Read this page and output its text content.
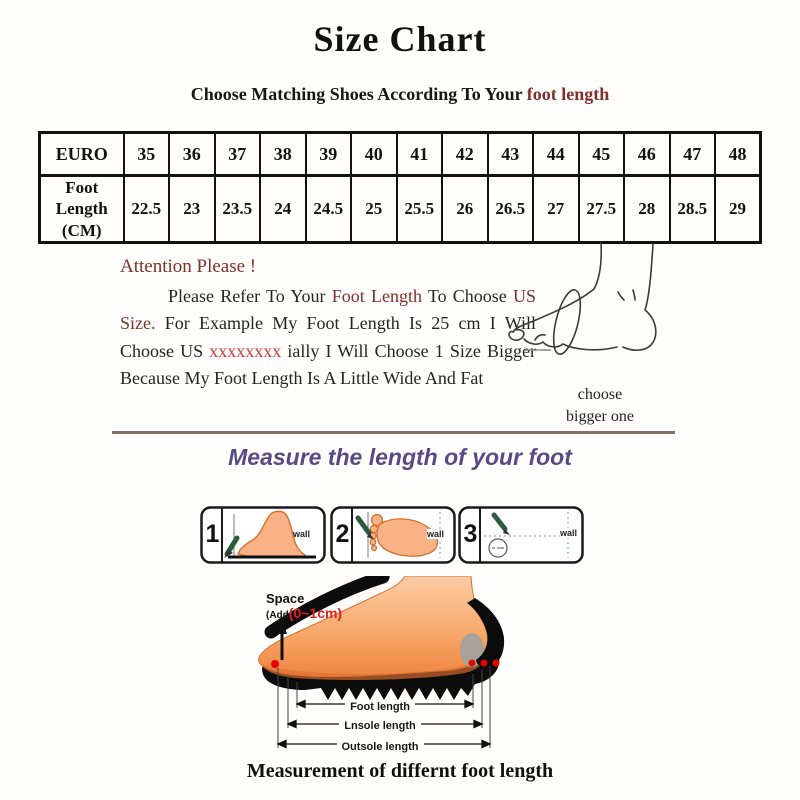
Size Chart
Choose Matching Shoes According To Your foot length
EURO	35	36	37	38	39	40	41	42	43	44	45	46	47	48
Foot
Length
(CM)	22.5	23	23.5	24	24.5	25	25.5	26	26.5	27	27.5	28	28.5	29
Attention Please !
Please Refer To Your Foot Length To Choose US Size. For Example My Foot Length Is 25 cm I Will Choose US xxxxxxxx ially I Will Choose 1 Size Bigger Because My Foot Length Is A Little Wide And Fat
choose
bigger one
Measure the length of your foot
1	wall 2	wall 3	wall
Space
(Add(0~1cm)
Foot length
Lnsole length
Outsole length
Measurement of differnt foot length
